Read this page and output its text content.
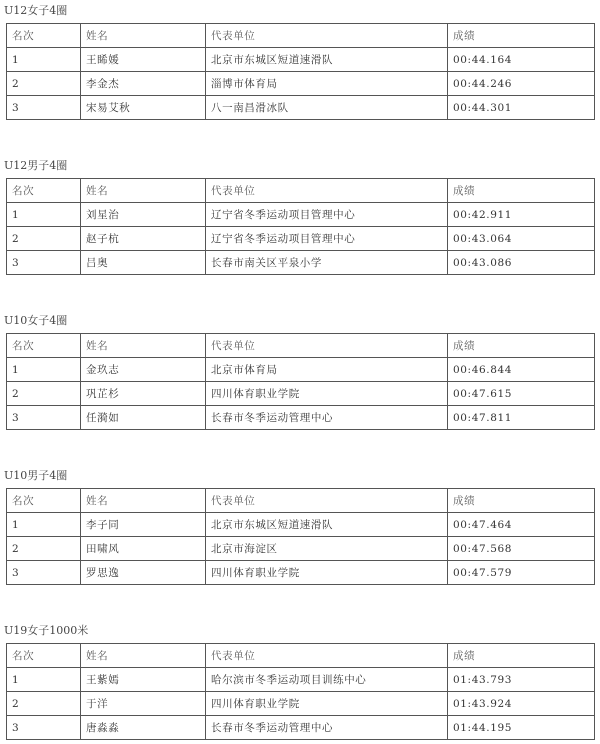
U12女子4圈
名次	姓名	代表单位	成绩
1	王睎媛	北京市东城区短道速滑队	00:44.164
2	李金杰	淄博市体育局	00:44.246
3	宋易艾秋	八一南昌滑冰队	00:44.301
U12男子4圈
名次	姓名	代表单位	成绩
1	刘星治	辽宁省冬季运动项目管理中心	00:42.911
2	赵子杭	辽宁省冬季运动项目管理中心	00:43.064
3	吕奥	长春市南关区平泉小学	00:43.086
U10女子4圈
名次	姓名	代表单位	成绩
1	金玖志	北京市体育局	00:46.844
2	巩芷杉	四川体育职业学院	00:47.615
3	任漪如	长春市冬季运动管理中心	00:47.811
U10男子4圈
名次	姓名	代表单位	成绩
1	李子同	北京市东城区短道速滑队	00:47.464
2	田啸风	北京市海淀区	00:47.568
3	罗思逸	四川体育职业学院	00:47.579
U19女子1000米
名次	姓名	代表单位	成绩
1	王紫嫣	哈尔滨市冬季运动项目训练中心	01:43.793
2	于洋	四川体育职业学院	01:43.924
3	唐淼淼	长春市冬季运动管理中心	01:44.195
